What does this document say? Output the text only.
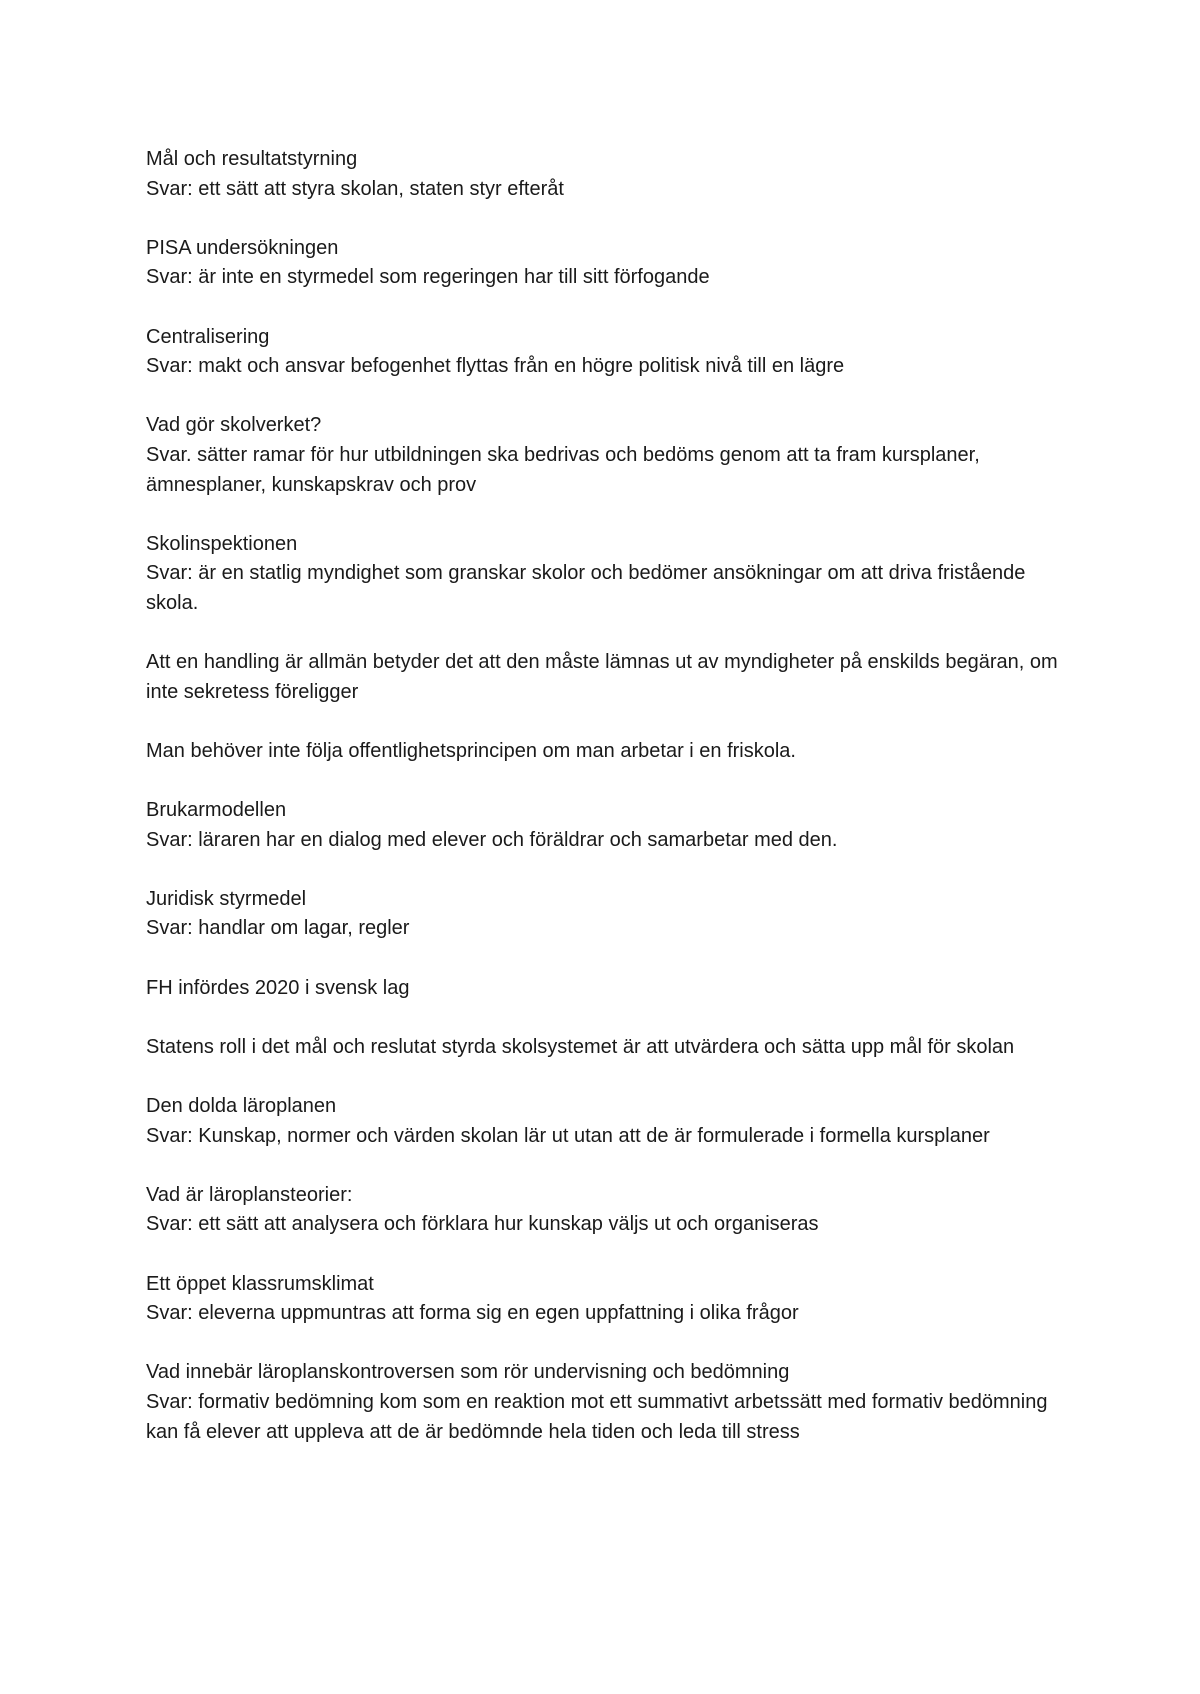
Mål och resultatstyrning
Svar: ett sätt att styra skolan, staten styr efteråt
PISA undersökningen
Svar: är inte en styrmedel som regeringen har till sitt förfogande
Centralisering
Svar: makt och ansvar befogenhet flyttas från en högre politisk nivå till en lägre
Vad gör skolverket?
Svar. sätter ramar för hur utbildningen ska bedrivas och bedöms genom att ta fram kursplaner, ämnesplaner, kunskapskrav och prov
Skolinspektionen
Svar: är en statlig myndighet som granskar skolor och bedömer ansökningar om att driva fristående skola.
Att en handling är allmän betyder det att den måste lämnas ut av myndigheter på enskilds begäran, om inte sekretess föreligger
Man behöver inte följa offentlighetsprincipen om man arbetar i en friskola.
Brukarmodellen
Svar: läraren har en dialog med elever och föräldrar och samarbetar med den.
Juridisk styrmedel
Svar: handlar om lagar, regler
FH infördes 2020 i svensk lag
Statens roll i det mål och reslutat styrda skolsystemet är att utvärdera och sätta upp mål för skolan
Den dolda läroplanen
Svar: Kunskap, normer och värden skolan lär ut utan att de är formulerade i formella kursplaner
Vad är läroplansteorier:
Svar: ett sätt att analysera och förklara hur kunskap väljs ut och organiseras
Ett öppet klassrumsklimat
Svar: eleverna uppmuntras att forma sig en egen uppfattning i olika frågor
Vad innebär läroplanskontroversen som rör undervisning och bedömning
Svar: formativ bedömning kom som en reaktion mot ett summativt arbetssätt med formativ bedömning kan få elever att uppleva att de är bedömnde hela tiden och leda till stress
